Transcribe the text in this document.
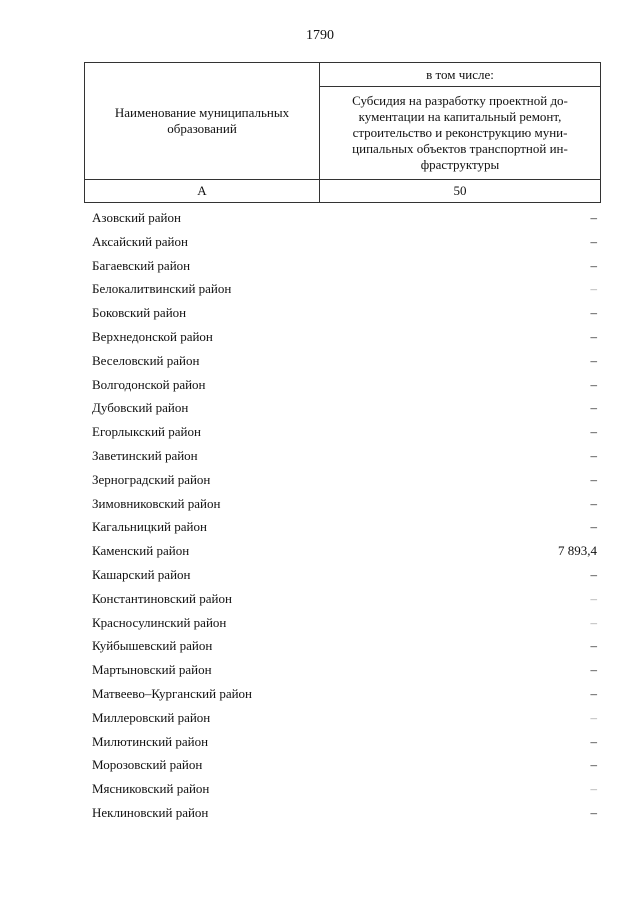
1790
Наименование муниципальных образований	в том числе:

	Субсидия на разработку проектной до-
кументации на капитальный ремонт,
строительство и реконструкцию муни-
ципальных объектов транспортной ин-
фраструктуры

А	50
Азовский район	–
Аксайский район	–
Багаевский район	–
Белокалитвинский район	–
Боковский район	–
Верхнедонской район	–
Веселовский район	–
Волгодонской район	–
Дубовский район	–
Егорлыкский район	–
Заветинский район	–
Зерноградский район	–
Зимовниковский район	–
Кагальницкий район	–
Каменский район	7 893,4
Кашарский район	–
Константиновский район	–
Красносулинский район	–
Куйбышевский район	–
Мартыновский район	–
Матвеево–Курганский район	–
Миллеровский район	–
Милютинский район	–
Морозовский район	–
Мясниковский район	–
Неклиновский район	–
